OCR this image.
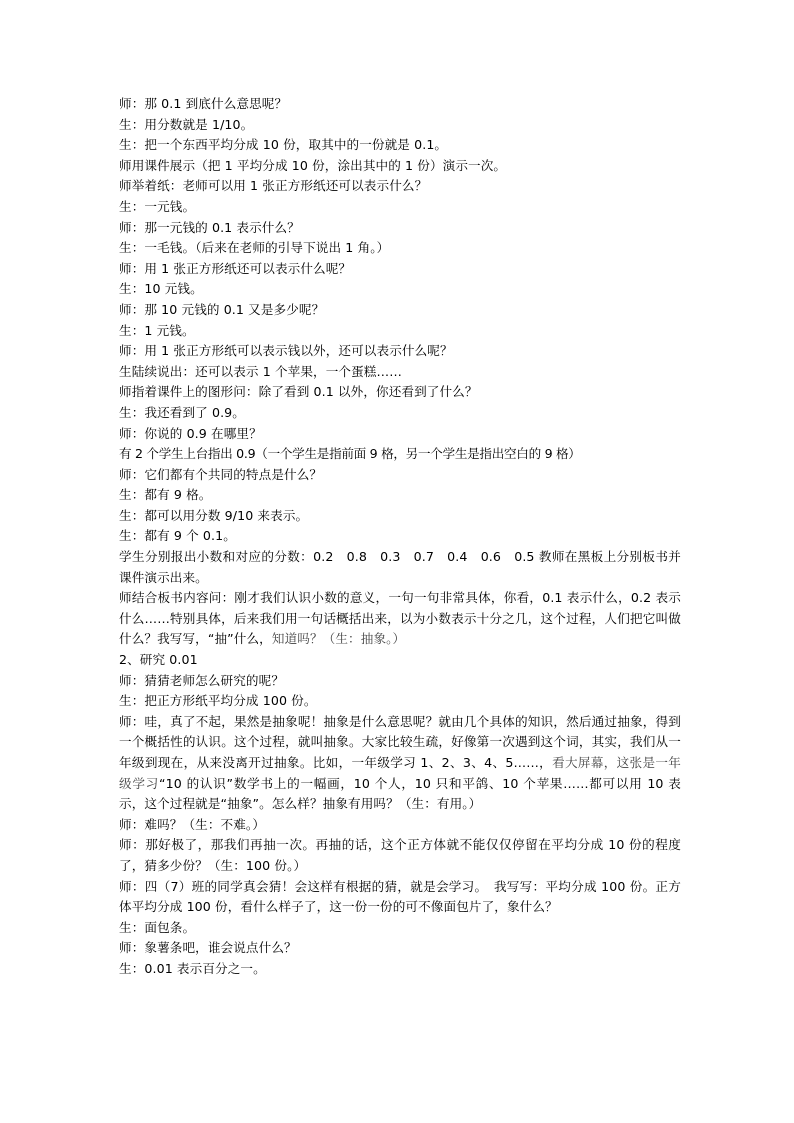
师：那 0.1 到底什么意思呢？
生：用分数就是 1/10。
生：把一个东西平均分成 10 份，取其中的一份就是 0.1。
师用课件展示（把 1 平均分成 10 份，涂出其中的 1 份）演示一次。
师举着纸：老师可以用 1 张正方形纸还可以表示什么？
生：一元钱。
师：那一元钱的 0.1 表示什么？
生：一毛钱。（后来在老师的引导下说出 1 角。）
师：用 1 张正方形纸还可以表示什么呢？
生：10 元钱。
师：那 10 元钱的 0.1 又是多少呢？
生：1 元钱。
师：用 1 张正方形纸可以表示钱以外，还可以表示什么呢？
生陆续说出：还可以表示 1 个苹果，一个蛋糕……
师指着课件上的图形问：除了看到 0.1 以外，你还看到了什么？
生：我还看到了 0.9。
师：你说的 0.9 在哪里？
有 2 个学生上台指出 0.9（一个学生是指前面 9 格，另一个学生是指出空白的 9 格）
师：它们都有个共同的特点是什么？
生：都有 9 格。
生：都可以用分数 9/10 来表示。
生：都有 9 个 0.1。
学生分别报出小数和对应的分数：0.2　0.8　0.3　0.7　0.4　0.6　0.5 教师在黑板上分别板书并课件演示出来。
师结合板书内容问：刚才我们认识小数的意义，一句一句非常具体，你看，0.1 表示什么，0.2 表示什么……特别具体，后来我们用一句话概括出来，以为小数表示十分之几，这个过程，人们把它叫做什么？我写写，“抽”什么，知道吗？（生：抽象。）
2、研究 0.01
师：猜猜老师怎么研究的呢？
生：把正方形纸平均分成 100 份。
师：哇，真了不起，果然是抽象呢！抽象是什么意思呢？就由几个具体的知识，然后通过抽象，得到一个概括性的认识。这个过程，就叫抽象。大家比较生疏，好像第一次遇到这个词，其实，我们从一年级到现在，从来没离开过抽象。比如，一年级学习 1、2、3、4、5……，看大屏幕，这张是一年级学习“10 的认识”数学书上的一幅画，10 个人，10 只和平鸽、10 个苹果……都可以用 10 表示，这个过程就是“抽象”。怎么样？抽象有用吗？（生：有用。）
师：难吗？（生：不难。）
师：那好极了，那我们再抽一次。再抽的话，这个正方体就不能仅仅停留在平均分成 10 份的程度了，猜多少份？（生：100 份。）
师：四（7）班的同学真会猜！会这样有根据的猜，就是会学习。　我写写：平均分成 100 份。正方体平均分成 100 份，看什么样子了，这一份一份的可不像面包片了，象什么？
生：面包条。
师：象薯条吧，谁会说点什么？
生：0.01 表示百分之一。
